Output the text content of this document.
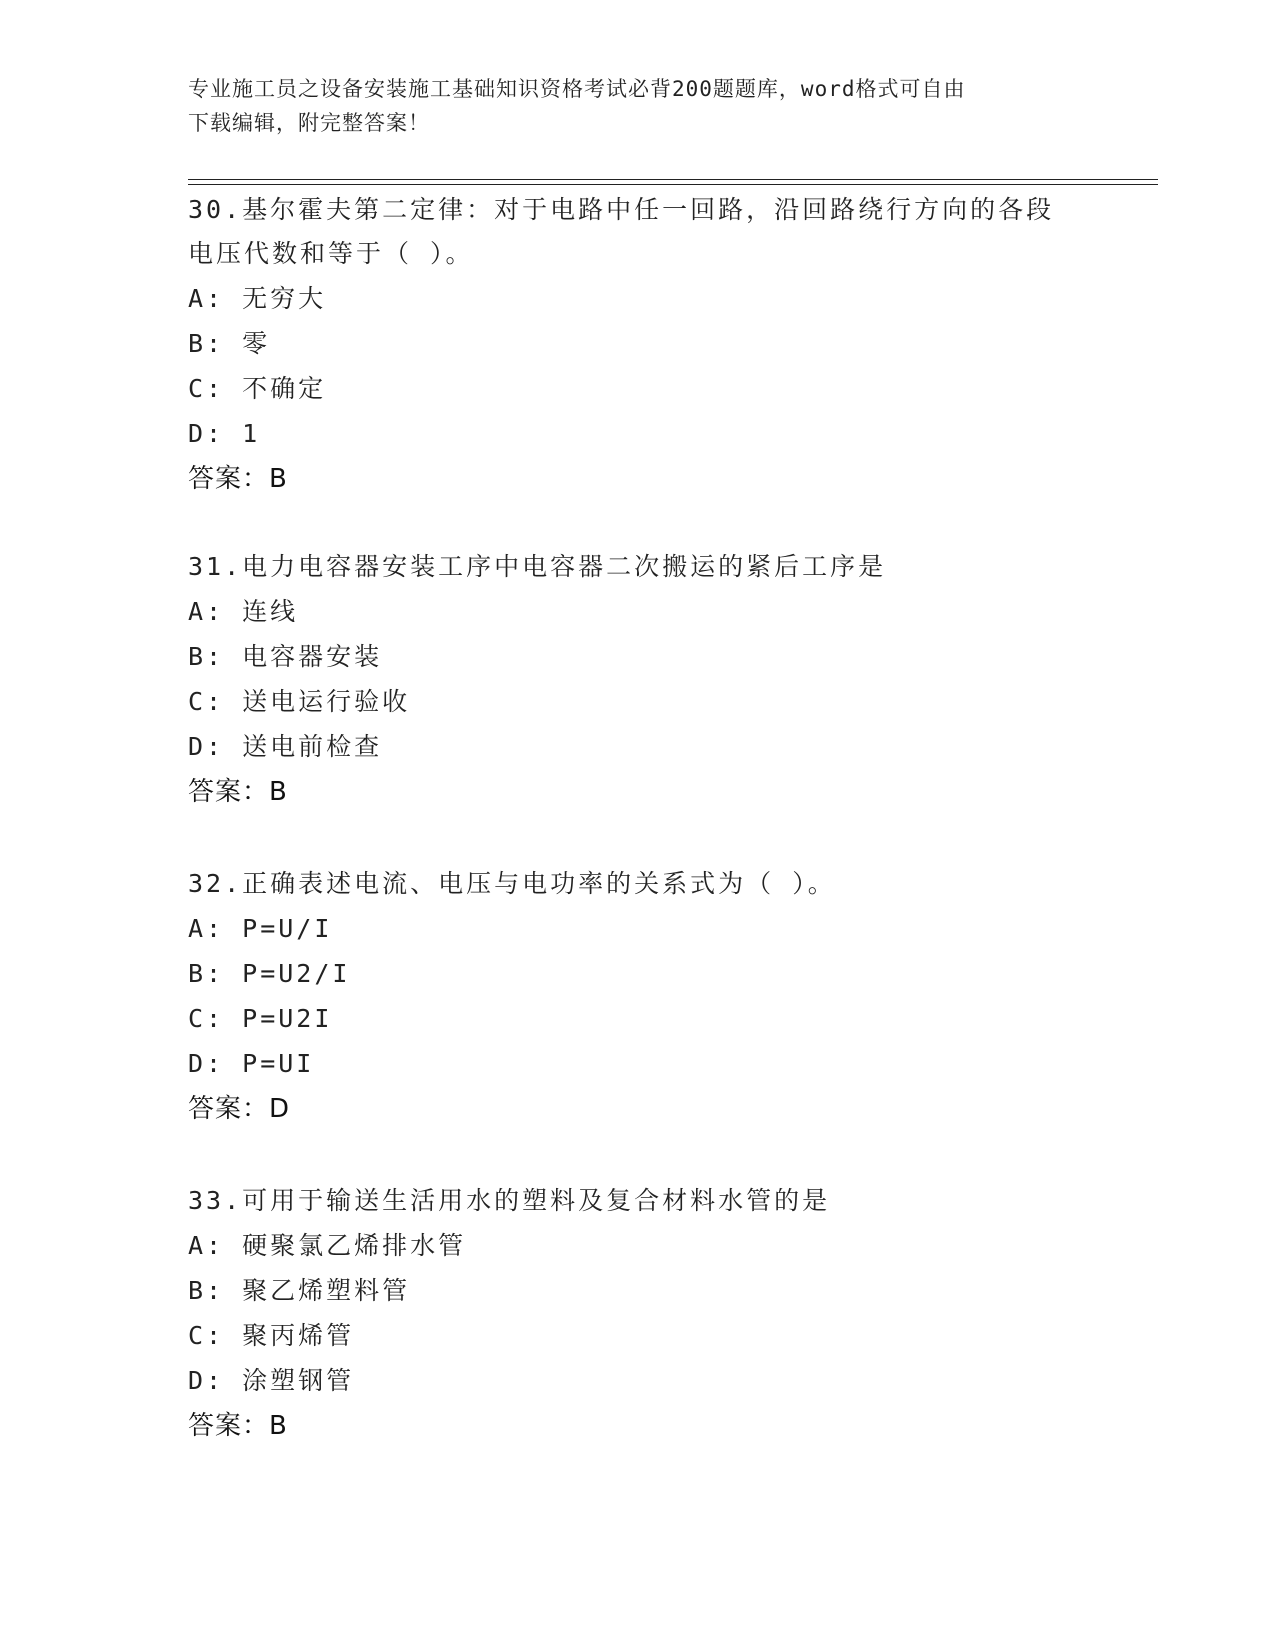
专业施工员之设备安装施工基础知识资格考试必背200题题库，word格式可自由
下载编辑，附完整答案！
30.基尔霍夫第二定律：对于电路中任一回路，沿回路绕行方向的各段
电压代数和等于（ ）。
A: 无穷大
B: 零
C: 不确定
D: 1
答案：B
31.电力电容器安装工序中电容器二次搬运的紧后工序是
A: 连线
B: 电容器安装
C: 送电运行验收
D: 送电前检查
答案：B
32.正确表述电流、电压与电功率的关系式为（ ）。
A: P=U/I
B: P=U2/I
C: P=U2I
D: P=UI
答案：D
33.可用于输送生活用水的塑料及复合材料水管的是
A: 硬聚氯乙烯排水管
B: 聚乙烯塑料管
C: 聚丙烯管
D: 涂塑钢管
答案：B
